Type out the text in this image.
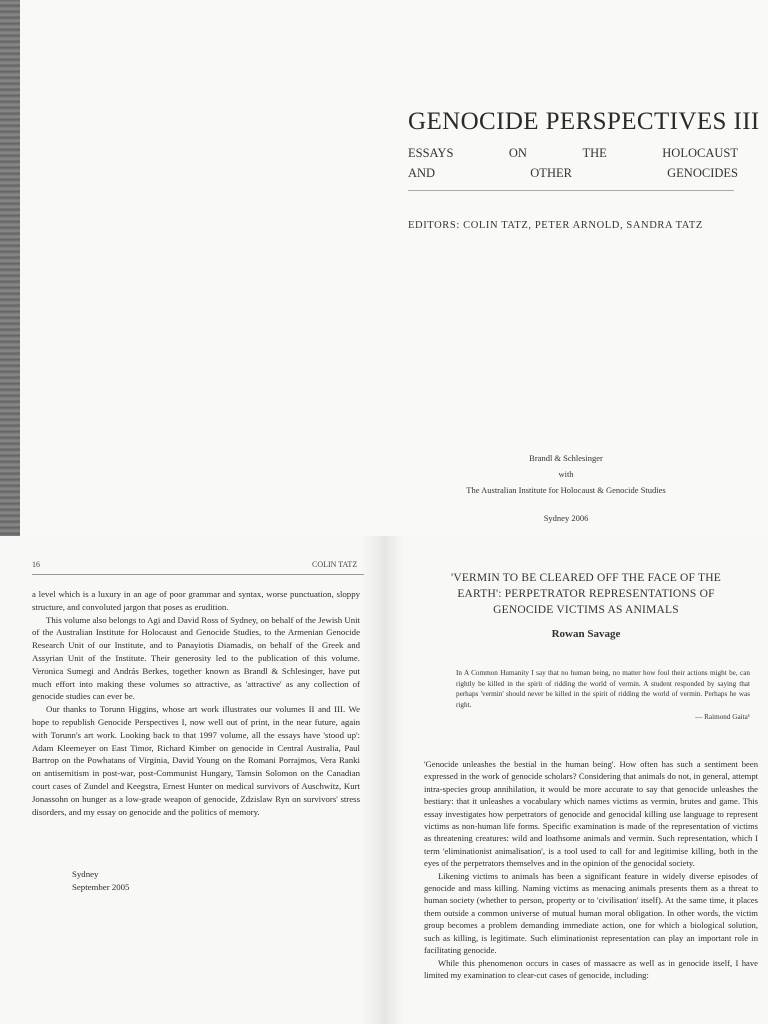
GENOCIDE PERSPECTIVES III
ESSAYS	ON	THE	HOLOCAUST
AND	OTHER	GENOCIDES
EDITORS: COLIN TATZ, PETER ARNOLD, SANDRA TATZ
Brandl & Schlesinger
with
The Australian Institute for Holocaust & Genocide Studies
Sydney 2006
16	COLIN TATZ

a level which is a luxury in an age of poor grammar and syntax, worse punctuation, sloppy structure, and convoluted jargon that poses as erudition.

This volume also belongs to Agi and David Ross of Sydney, on behalf of the Jewish Unit of the Australian Institute for Holocaust and Genocide Studies, to the Armenian Genocide Research Unit of our Institute, and to Panayiotis Diamadis, on behalf of the Greek and Assyrian Unit of the Institute. Their generosity led to the publication of this volume. Veronica Sumegi and András Berkes, together known as Brandl & Schlesinger, have put much effort into making these volumes so attractive, as 'attractive' as any collection of genocide studies can ever be.

Our thanks to Torunn Higgins, whose art work illustrates our volumes II and III. We hope to republish Genocide Perspectives I, now well out of print, in the near future, again with Torunn's art work. Looking back to that 1997 volume, all the essays have 'stood up': Adam Kleemeyer on East Timor, Richard Kimber on genocide in Central Australia, Paul Bartrop on the Powhatans of Virginia, David Young on the Romani Porrajmos, Vera Ranki on antisemitism in post-war, post-Communist Hungary, Tamsin Solomon on the Canadian court cases of Zundel and Keegstra, Ernest Hunter on medical survivors of Auschwitz, Kurt Jonassohn on hunger as a low-grade weapon of genocide, Zdzislaw Ryn on survivors' stress disorders, and my essay on genocide and the politics of memory.

Sydney
September 2005
'VERMIN TO BE CLEARED OFF THE FACE OF THE
EARTH': PERPETRATOR REPRESENTATIONS OF
GENOCIDE VICTIMS AS ANIMALS
Rowan Savage
In A Common Humanity I say that no human being, no matter how foul their actions might be, can rightly be killed in the spirit of ridding the world of vermin. A student responded by saying that perhaps 'vermin' should never be killed in the spirit of ridding the world of vermin. Perhaps he was right.
— Raimond Gaita¹

'Genocide unleashes the bestial in the human being'. How often has such a sentiment been expressed in the work of genocide scholars? Considering that animals do not, in general, attempt intra-species group annihilation, it would be more accurate to say that genocide unleashes the bestiary: that it unleashes a vocabulary which names victims as vermin, brutes and game. This essay investigates how perpetrators of genocide and genocidal killing use language to represent victims as non-human life forms. Specific examination is made of the representation of victims as threatening creatures: wild and loathsome animals and vermin. Such representation, which I term 'eliminationist animalisation', is a tool used to call for and legitimise killing, both in the eyes of the perpetrators themselves and in the opinion of the genocidal society.

Likening victims to animals has been a significant feature in widely diverse episodes of genocide and mass killing. Naming victims as menacing animals presents them as a threat to human society (whether to person, property or to 'civilisation' itself). At the same time, it places them outside a common universe of mutual human moral obligation. In other words, the victim group becomes a problem demanding immediate action, one for which a biological solution, such as killing, is legitimate. Such eliminationist representation can play an important role in facilitating genocide.

While this phenomenon occurs in cases of massacre as well as in genocide itself, I have limited my examination to clear-cut cases of genocide, including:
